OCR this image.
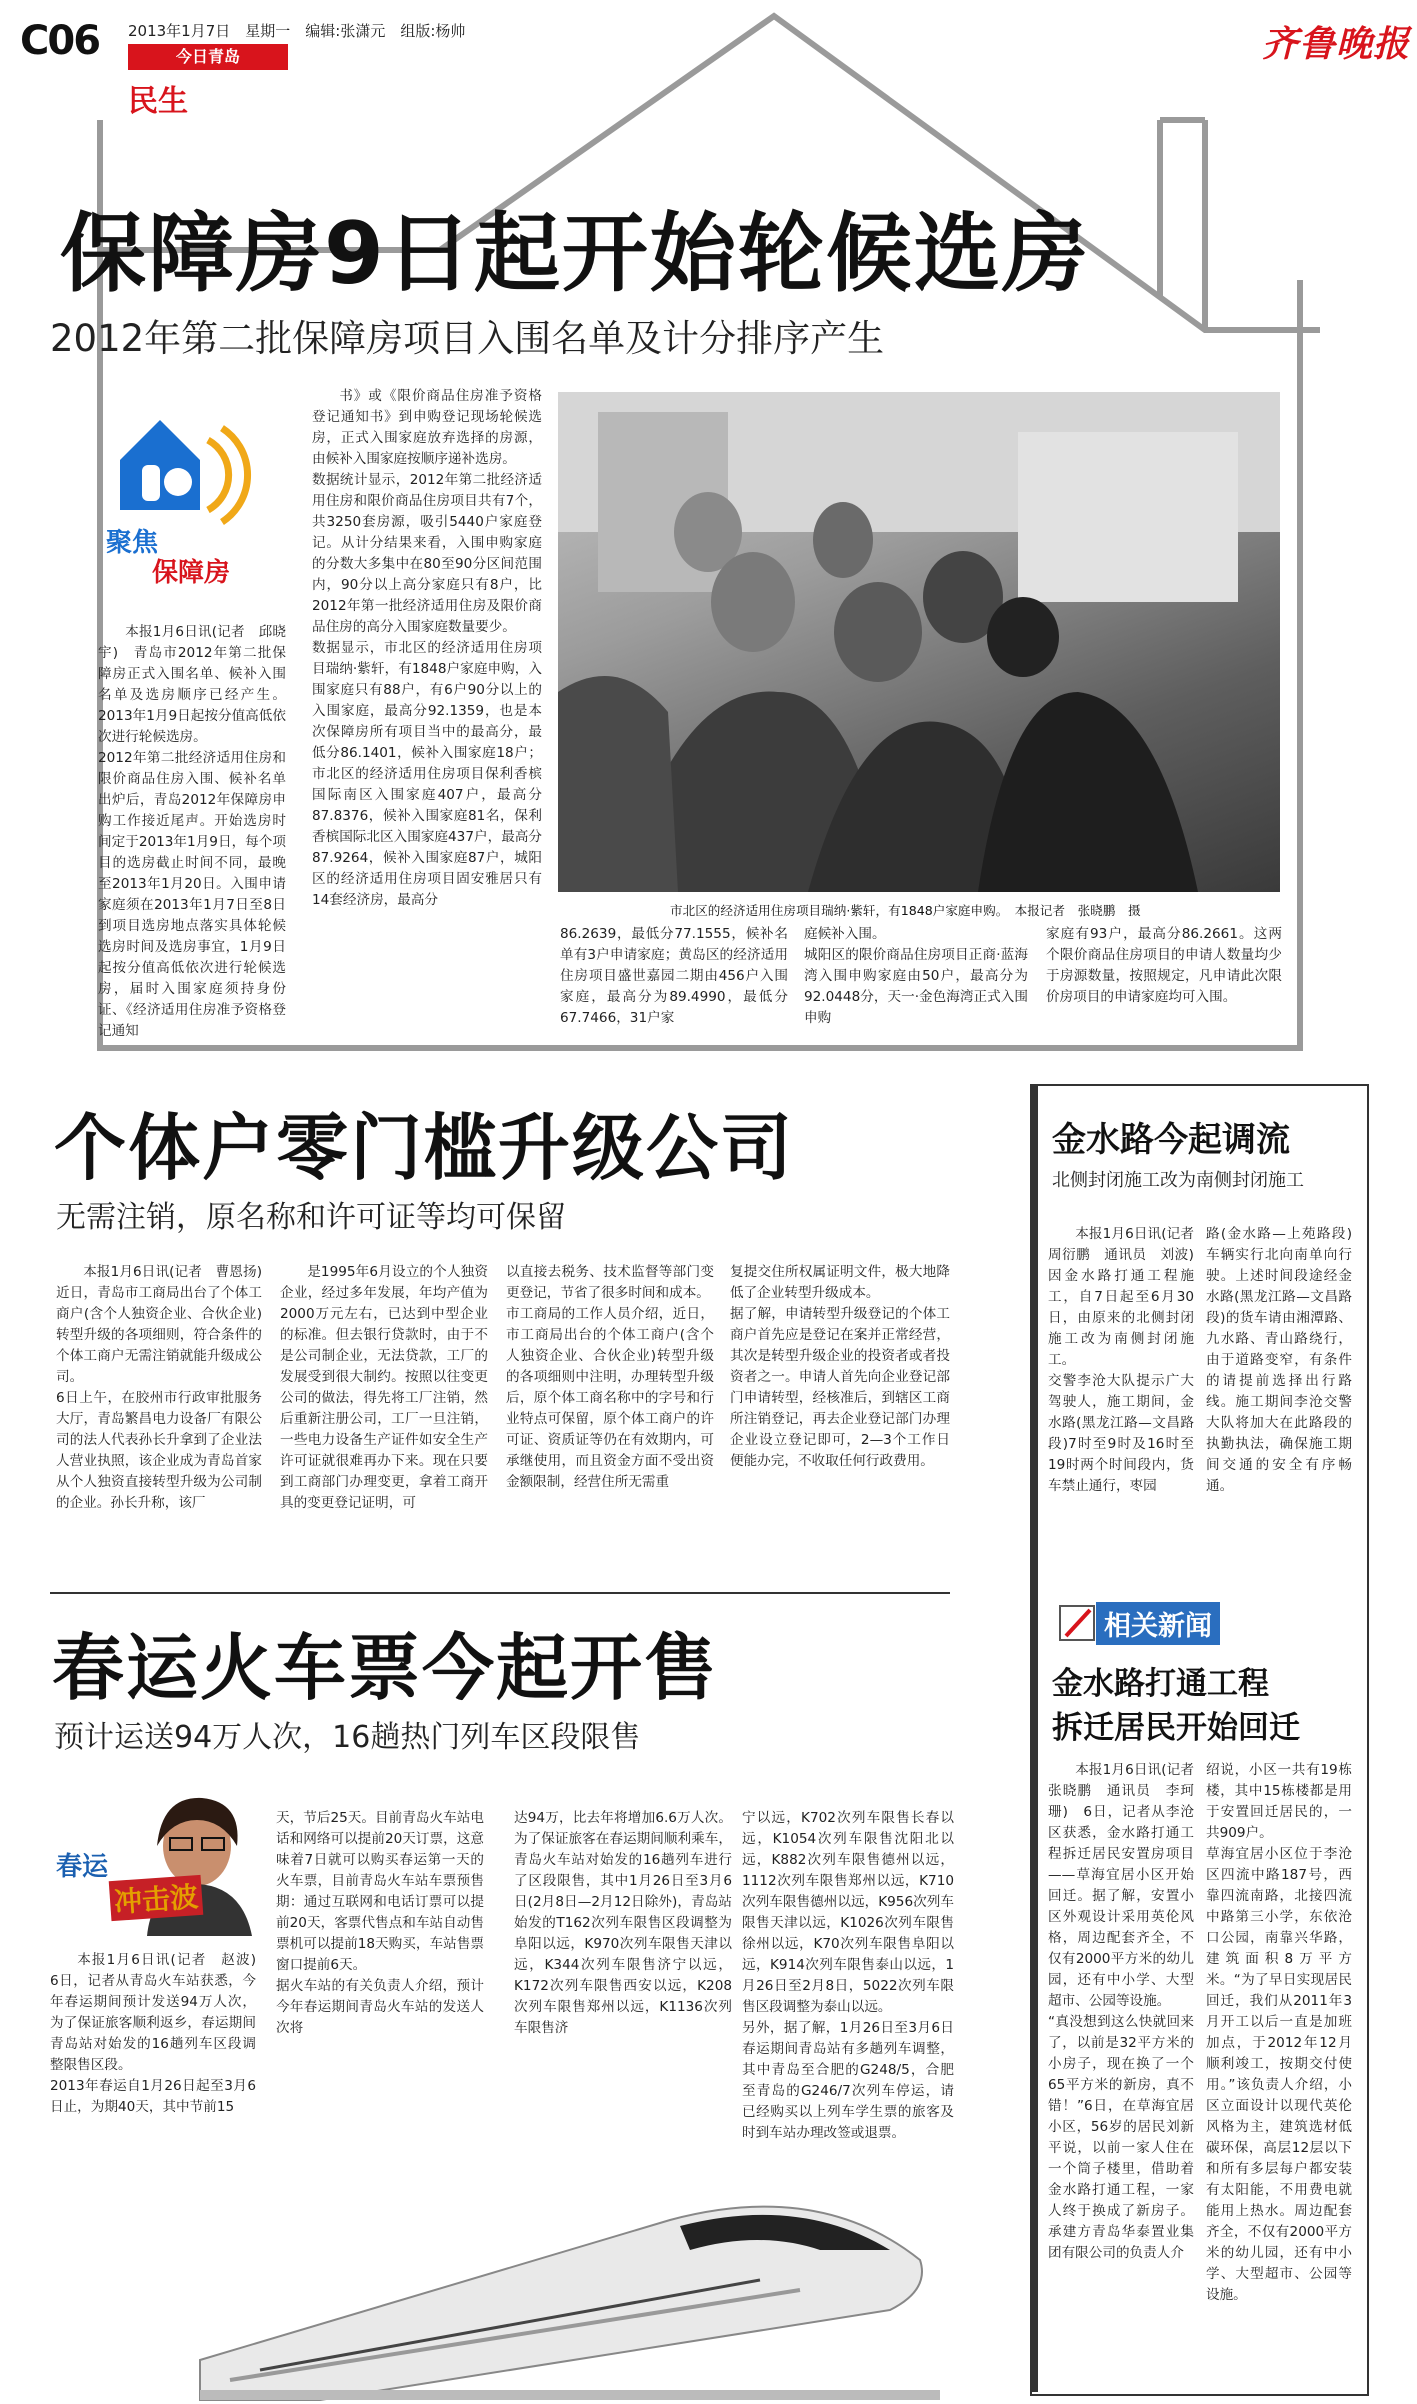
C06 2013年1月7日　星期一　编辑:张潇元　组版:杨帅
今日青岛
民生
齐鲁晚报
保障房9日起开始轮候选房
2012年第二批保障房项目入围名单及计分排序产生
聚焦
保障房
本报1月6日讯(记者　邱晓宇)　青岛市2012年第二批保障房正式入围名单、候补入围名单及选房顺序已经产生。2013年1月9日起按分值高低依次进行轮候选房。
2012年第二批经济适用住房和限价商品住房入围、候补名单出炉后，青岛2012年保障房申购工作接近尾声。开始选房时间定于2013年1月9日，每个项目的选房截止时间不同，最晚至2013年1月20日。入围申请家庭须在2013年1月7日至8日到项目选房地点落实具体轮候选房时间及选房事宜，1月9日起按分值高低依次进行轮候选房，届时入围家庭须持身份证、《经济适用住房准予资格登记通知
书》或《限价商品住房准予资格登记通知书》到申购登记现场轮候选房，正式入围家庭放弃选择的房源，由候补入围家庭按顺序递补选房。
数据统计显示，2012年第二批经济适用住房和限价商品住房项目共有7个，共3250套房源，吸引5440户家庭登记。从计分结果来看，入围申购家庭的分数大多集中在80至90分区间范围内，90分以上高分家庭只有8户，比2012年第一批经济适用住房及限价商品住房的高分入围家庭数量要少。
数据显示，市北区的经济适用住房项目瑞纳·紫轩，有1848户家庭申购，入围家庭只有88户，有6户90分以上的入围家庭，最高分92.1359，也是本次保障房所有项目当中的最高分，最低分86.1401，候补入围家庭18户；市北区的经济适用住房项目保利香槟国际南区入围家庭407户，最高分87.8376，候补入围家庭81名，保利香槟国际北区入围家庭437户，最高分87.9264，候补入围家庭87户，城阳区的经济适用住房项目固安雅居只有14套经济房，最高分
市北区的经济适用住房项目瑞纳·紫轩，有1848户家庭申购。　本报记者　张晓鹏　摄
86.2639，最低分77.1555，候补名单有3户申请家庭；黄岛区的经济适用住房项目盛世嘉园二期由456户入围家庭，最高分为89.4990，最低分67.7466，31户家
庭候补入围。
城阳区的限价商品住房项目正商·蓝海湾入围申购家庭由50户，最高分为92.0448分，天一·金色海湾正式入围申购
家庭有93户，最高分86.2661。这两个限价商品住房项目的申请人数量均少于房源数量，按照规定，凡申请此次限价房项目的申请家庭均可入围。
个体户零门槛升级公司
无需注销，原名称和许可证等均可保留
本报1月6日讯(记者　曹恩扬)　近日，青岛市工商局出台了个体工商户(含个人独资企业、合伙企业)转型升级的各项细则，符合条件的个体工商户无需注销就能升级成公司。
6日上午，在胶州市行政审批服务大厅，青岛繁昌电力设备厂有限公司的法人代表孙长升拿到了企业法人营业执照，该企业成为青岛首家从个人独资直接转型升级为公司制的企业。孙长升称，该厂
是1995年6月设立的个人独资企业，经过多年发展，年均产值为2000万元左右，已达到中型企业的标准。但去银行贷款时，由于不是公司制企业，无法贷款，工厂的发展受到很大制约。按照以往变更公司的做法，得先将工厂注销，然后重新注册公司，工厂一旦注销，一些电力设备生产证件如安全生产许可证就很难再办下来。现在只要到工商部门办理变更，拿着工商开具的变更登记证明，可
以直接去税务、技术监督等部门变更登记，节省了很多时间和成本。
市工商局的工作人员介绍，近日，市工商局出台的个体工商户(含个人独资企业、合伙企业)转型升级的各项细则中注明，办理转型升级后，原个体工商名称中的字号和行业特点可保留，原个体工商户的许可证、资质证等仍在有效期内，可承继使用，而且资金方面不受出资金额限制，经营住所无需重
复提交住所权属证明文件，极大地降低了企业转型升级成本。
据了解，申请转型升级登记的个体工商户首先应是登记在案并正常经营，其次是转型升级企业的投资者或者投资者之一。申请人首先向企业登记部门申请转型，经核准后，到辖区工商所注销登记，再去企业登记部门办理企业设立登记即可，2—3个工作日便能办完，不收取任何行政费用。
春运火车票今起开售
预计运送94万人次，16趟热门列车区段限售
春运
冲击波
本报1月6日讯(记者　赵波)　6日，记者从青岛火车站获悉，今年春运期间预计发送94万人次，为了保证旅客顺利返乡，春运期间青岛站对始发的16趟列车区段调整限售区段。
2013年春运自1月26日起至3月6日止，为期40天，其中节前15
天，节后25天。目前青岛火车站电话和网络可以提前20天订票，这意味着7日就可以购买春运第一天的火车票，目前青岛火车站车票预售期：通过互联网和电话订票可以提前20天，客票代售点和车站自动售票机可以提前18天购买，车站售票窗口提前6天。
据火车站的有关负责人介绍，预计今年春运期间青岛火车站的发送人次将
达94万，比去年将增加6.6万人次。为了保证旅客在春运期间顺利乘车，青岛火车站对始发的16趟列车进行了区段限售，其中1月26日至3月6日(2月8日—2月12日除外)，青岛站始发的T162次列车限售区段调整为阜阳以远，K970次列车限售天津以远，K344次列车限售济宁以远，K172次列车限售西安以远，K208次列车限售郑州以远，K1136次列车限售济
宁以远，K702次列车限售长春以远，K1054次列车限售沈阳北以远，K882次列车限售德州以远，1112次列车限售郑州以远，K710次列车限售德州以远，K956次列车限售天津以远，K1026次列车限售徐州以远，K70次列车限售阜阳以远，K914次列车限售泰山以远，1月26日至2月8日，5022次列车限售区段调整为泰山以远。
另外，据了解，1月26日至3月6日春运期间青岛站有多趟列车调整，其中青岛至合肥的G248/5，合肥至青岛的G246/7次列车停运，请已经购买以上列车学生票的旅客及时到车站办理改签或退票。
金水路今起调流
北侧封闭施工改为南侧封闭施工
本报1月6日讯(记者　周衍鹏　通讯员　刘波)　因金水路打通工程施工，自7日起至6月30日，由原来的北侧封闭施工改为南侧封闭施工。
交警李沧大队提示广大驾驶人，施工期间，金水路(黑龙江路—文昌路段)7时至9时及16时至19时两个时间段内，货车禁止通行，枣园
路(金水路—上苑路段)车辆实行北向南单向行驶。上述时间段途经金水路(黑龙江路—文昌路段)的货车请由湘潭路、九水路、青山路绕行，由于道路变窄，有条件的请提前选择出行路线。施工期间李沧交警大队将加大在此路段的执勤执法，确保施工期间交通的安全有序畅通。
相关新闻
金水路打通工程
拆迁居民开始回迁
本报1月6日讯(记者　张晓鹏　通讯员　李珂珊)　6日，记者从李沧区获悉，金水路打通工程拆迁居民安置房项目——草海宜居小区开始回迁。据了解，安置小区外观设计采用英伦风格，周边配套齐全，不仅有2000平方米的幼儿园，还有中小学、大型超市、公园等设施。
“真没想到这么快就回来了，以前是32平方米的小房子，现在换了一个65平方米的新房，真不错！”6日，在草海宜居小区，56岁的居民刘新平说，以前一家人住在一个筒子楼里，借助着金水路打通工程，一家人终于换成了新房子。承建方青岛华泰置业集团有限公司的负责人介
绍说，小区一共有19栋楼，其中15栋楼都是用于安置回迁居民的，一共909户。
草海宜居小区位于李沧区四流中路187号，西靠四流南路，北接四流中路第三小学，东依沧口公园，南靠兴华路，建筑面积8万平方米。“为了早日实现居民回迁，我们从2011年3月开工以后一直是加班加点，于2012年12月顺利竣工，按期交付使用。”该负责人介绍，小区立面设计以现代英伦风格为主，建筑选材低碳环保，高层12层以下和所有多层每户都安装有太阳能，不用费电就能用上热水。周边配套齐全，不仅有2000平方米的幼儿园，还有中小学、大型超市、公园等设施。
